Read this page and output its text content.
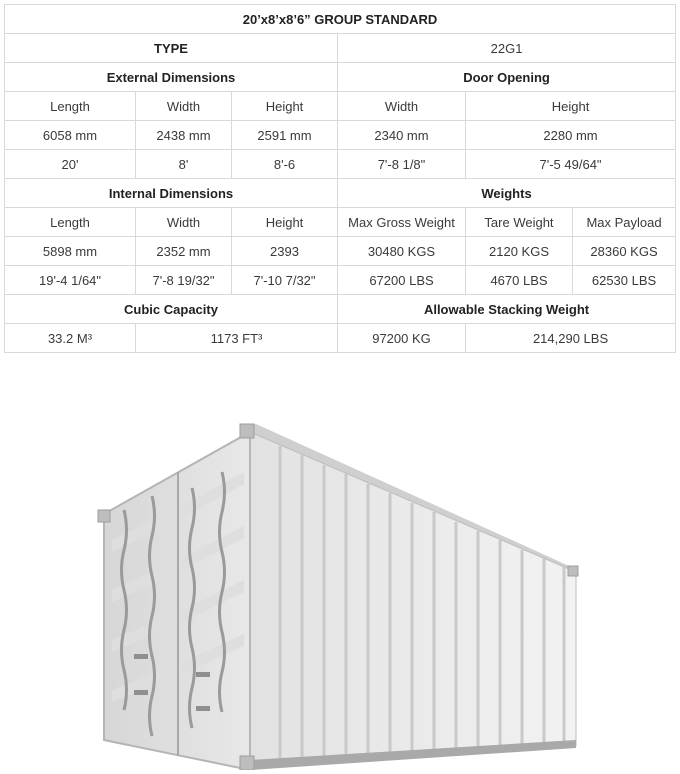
20’x8’x8’6” GROUP STANDARD					
TYPE			22G1		
External Dimensions			Door Opening		
Length	Width	Height	Width	Height	
6058 mm	2438 mm	2591 mm	2340 mm	2280 mm	
20'	8'	8'-6	7'-8 1/8"	7'-5 49/64"	
Internal Dimensions			Weights		
Length	Width	Height	Max Gross Weight	Tare Weight	Max Payload
5898 mm	2352 mm	2393	30480 KGS	2120 KGS	28360 KGS
19'-4 1/64"	7'-8 19/32"	7'-10 7/32"	67200 LBS	4670 LBS	62530 LBS
Cubic Capacity			Allowable Stacking Weight		
33.2 M³	1173 FT³		97200 KG	214,290 LBS	
